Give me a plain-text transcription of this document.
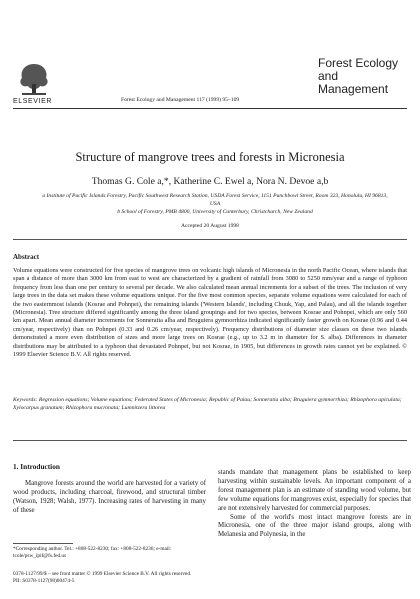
ELSEVIER	Forest Ecology and Management 117 (1999) 95–109
Forest Ecology and Management
Structure of mangrove trees and forests in Micronesia
Thomas G. Cole a,*, Katherine C. Ewel a, Nora N. Devoe a,b
a Institute of Pacific Islands Forestry, Pacific Southwest Research Station, USDA Forest Service, 1151 Punchbowl Street, Room 323, Honolulu, HI 96813, USA
b School of Forestry, PMB 4800, University of Canterbury, Christchurch, New Zealand
Accepted 20 August 1998
Abstract
Volume equations were constructed for five species of mangrove trees on volcanic high islands of Micronesia in the north Pacific Ocean, where islands that span a distance of more than 3000 km from east to west are characterized by a gradient of rainfall from 3080 to 5250 mm/year and a range of typhoon frequency from less than one per century to several per decade. We also calculated mean annual increments for a subset of the trees. The inclusion of very large trees in the data set makes these volume equations unique. For the five most common species, separate volume equations were calculated for each of the two easternmost islands (Kosrae and Pohnpei), the remaining islands ('Western Islands', including Chuuk, Yap, and Palau), and all the islands together (Micronesia). Tree structure differed significantly among the three island groupings and for two species, between Kosrae and Pohnpei, which are only 560 km apart. Mean annual diameter increments for Sonneratia alba and Bruguiera gymnorrhiza indicated significantly faster growth on Kosrae (0.96 and 0.44 cm/year, respectively) than on Pohnpei (0.33 and 0.26 cm/year, respectively). Frequency distributions of diameter size classes on these two islands demonstrated a more even distribution of sizes and more large trees on Kosrae (e.g., up to 3.2 m in diameter for S. alba). Differences in diameter distributions may be attributed to a typhoon that devastated Pohnpei, but not Kosrae, in 1905, but differences in growth rates cannot yet be explained. © 1999 Elsevier Science B.V. All rights reserved.
Keywords: Regression equations; Volume equations; Federated States of Micronesia; Republic of Palau; Sonneratia alba; Bruguiera gymnorrhiza; Rhizophora apiculata; Xylocarpus granatum; Rhizophora mucronata; Lumnitzera littorea
1. Introduction
Mangrove forests around the world are harvested for a variety of wood products, including charcoal, firewood, and structural timber (Watson, 1928; Walsh, 1977). Increasing rates of harvesting in many of these

stands mandate that management plans be established to keep harvesting within sustainable levels. An important component of a forest management plan is an estimate of standing wood volume, but few volume equations for mangroves exist, especially for species that are not extensively harvested for commercial purposes.

Some of the world's most intact mangrove forests are in Micronesia, one of the three major island groups, along with Melanesia and Polynesia, in the

*Corresponding author. Tel.: +808-522-8230; fax: +808-522-8236; e-mail: tcole/psw_ipif@fs.fed.us
0378-1127/99/$ – see front matter © 1999 Elsevier Science B.V. All rights reserved.
PII: S0378-1127(98)00474-5
